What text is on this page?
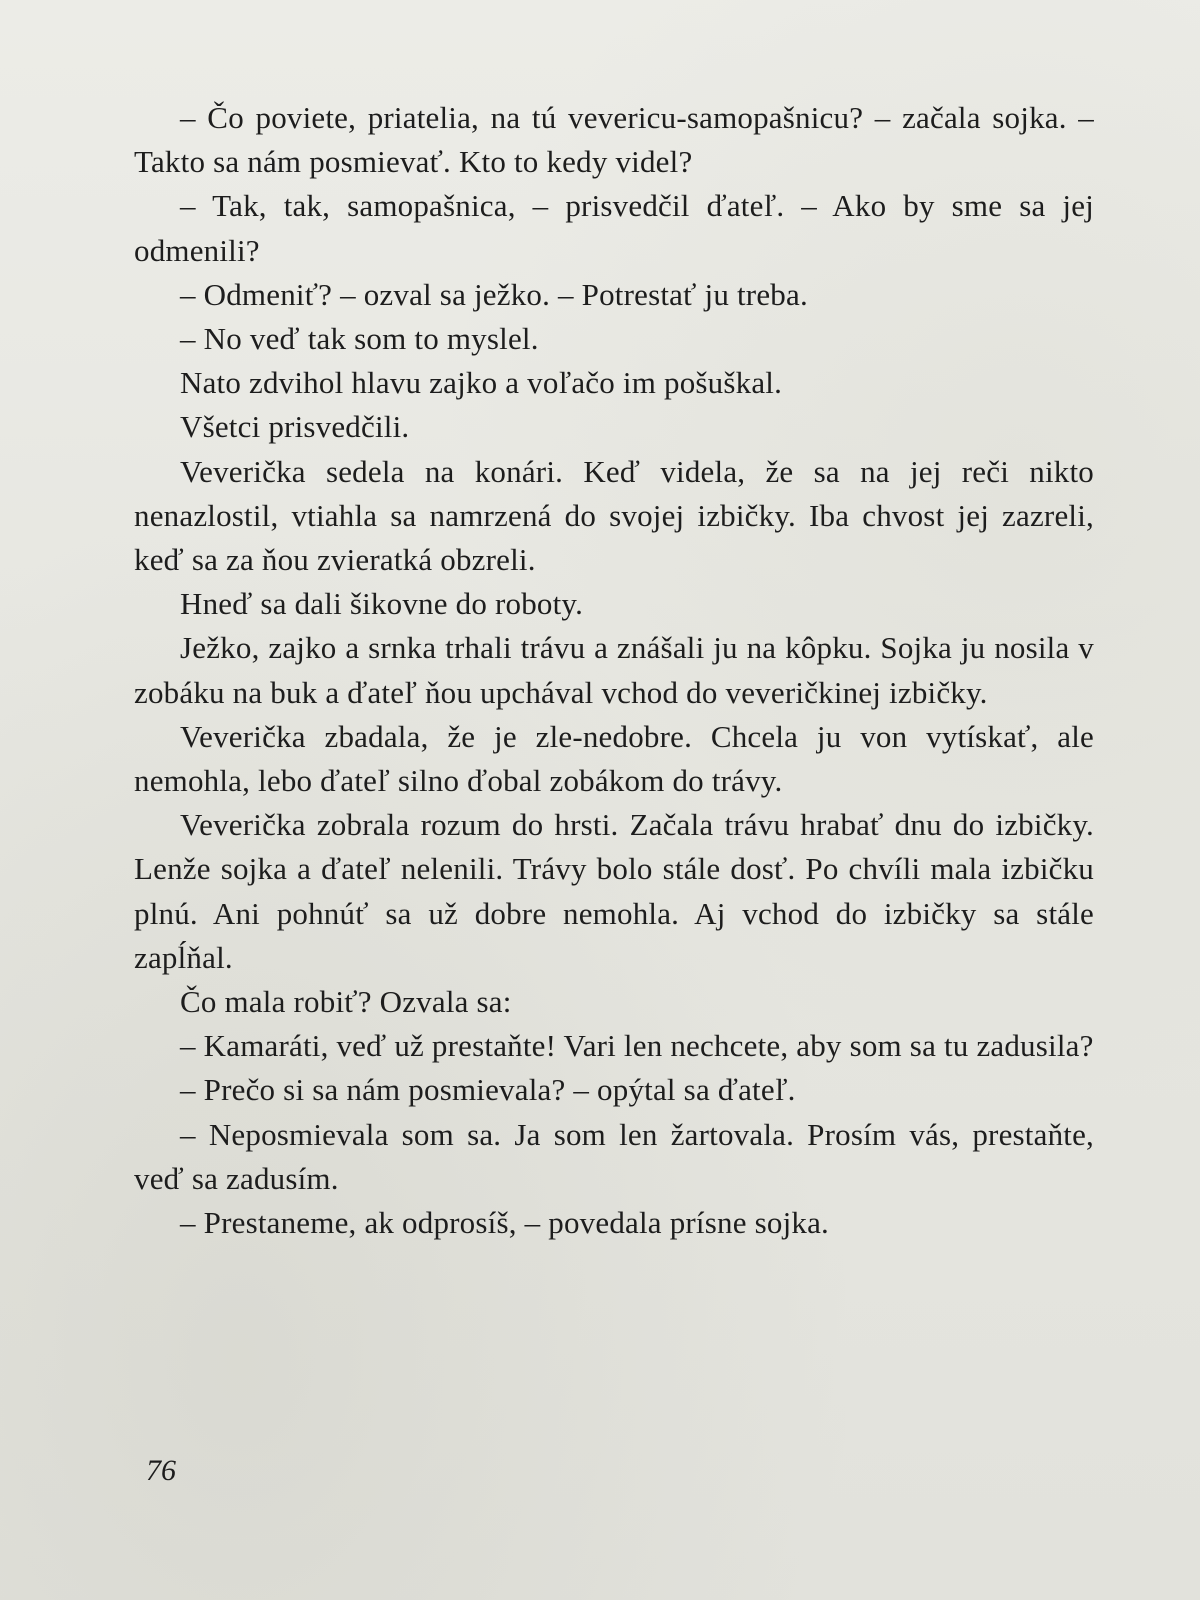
– Čo poviete, priatelia, na tú vevericu-samopašnicu? – začala sojka. – Takto sa nám posmievať. Kto to kedy videl?

– Tak, tak, samopašnica, – prisvedčil ďateľ. – Ako by sme sa jej odmenili?

– Odmeniť? – ozval sa ježko. – Potrestať ju treba.

– No veď tak som to myslel.

Nato zdvihol hlavu zajko a voľačo im pošuškal.

Všetci prisvedčili.

Veverička sedela na konári. Keď videla, že sa na jej reči nikto nenazlostil, vtiahla sa namrzená do svojej izbičky. Iba chvost jej zazreli, keď sa za ňou zvieratká obzreli.

Hneď sa dali šikovne do roboty.

Ježko, zajko a srnka trhali trávu a znášali ju na kôpku. Sojka ju nosila v zobáku na buk a ďateľ ňou upchával vchod do veveričkinej izbičky.

Veverička zbadala, že je zle-nedobre. Chcela ju von vytískať, ale nemohla, lebo ďateľ silno ďobal zobákom do trávy.

Veverička zobrala rozum do hrsti. Začala trávu hrabať dnu do izbičky. Lenže sojka a ďateľ nelenili. Trávy bolo stále dosť. Po chvíli mala izbičku plnú. Ani pohnúť sa už dobre nemohla. Aj vchod do izbičky sa stále zapĺňal.

Čo mala robiť? Ozvala sa:

– Kamaráti, veď už prestaňte! Vari len nechcete, aby som sa tu zadusila?

– Prečo si sa nám posmievala? – opýtal sa ďateľ.

– Neposmievala som sa. Ja som len žartovala. Prosím vás, prestaňte, veď sa zadusím.

– Prestaneme, ak odprosíš, – povedala prísne sojka.

76
